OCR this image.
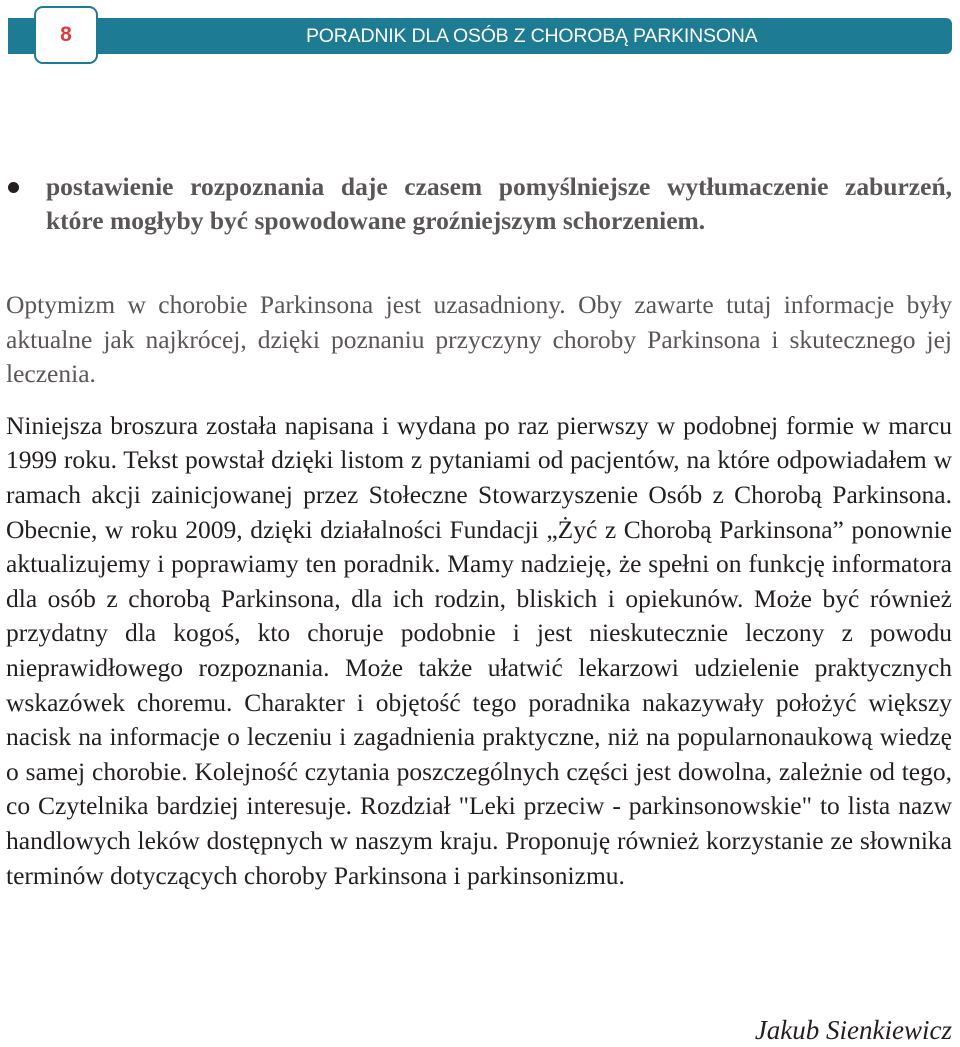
8	PORADNIK DLA OSÓB Z CHOROBĄ PARKINSONA

postawienie rozpoznania daje czasem pomyślniejsze wytłumaczenie zaburzeń, które mogłyby być spowodowane groźniejszym schorzeniem.

Optymizm w chorobie Parkinsona jest uzasadniony. Oby zawarte tutaj informacje były aktualne jak najkrócej, dzięki poznaniu przyczyny choroby Parkinsona i skutecznego jej leczenia.

Niniejsza broszura została napisana i wydana po raz pierwszy w podobnej formie w marcu 1999 roku. Tekst powstał dzięki listom z pytaniami od pacjentów, na które odpowiadałem w ramach akcji zainicjowanej przez Stołeczne Stowarzyszenie Osób z Chorobą Parkinsona. Obecnie, w roku 2009, dzięki działalności Fundacji „Żyć z Chorobą Parkinsona” ponownie aktualizujemy i poprawiamy ten poradnik. Mamy nadzieję, że spełni on funkcję informatora dla osób z chorobą Parkinsona, dla ich rodzin, bliskich i opiekunów. Może być również przydatny dla kogoś, kto choruje podobnie i jest nieskutecznie leczony z powodu nieprawidłowego rozpoznania. Może także ułatwić lekarzowi udzielenie praktycznych wskazówek choremu. Charakter i objętość tego poradnika nakazywały położyć większy nacisk na informacje o leczeniu i zagadnienia praktyczne, niż na popularnonaukową wiedzę o samej chorobie. Kolejność czytania poszczególnych części jest dowolna, zależnie od tego, co Czytelnika bardziej interesuje. Rozdział "Leki przeciw - parkinsonowskie" to lista nazw handlowych leków dostępnych w naszym kraju. Proponuję również korzystanie ze słownika terminów dotyczących choroby Parkinsona i parkinsonizmu.

Jakub Sienkiewicz
